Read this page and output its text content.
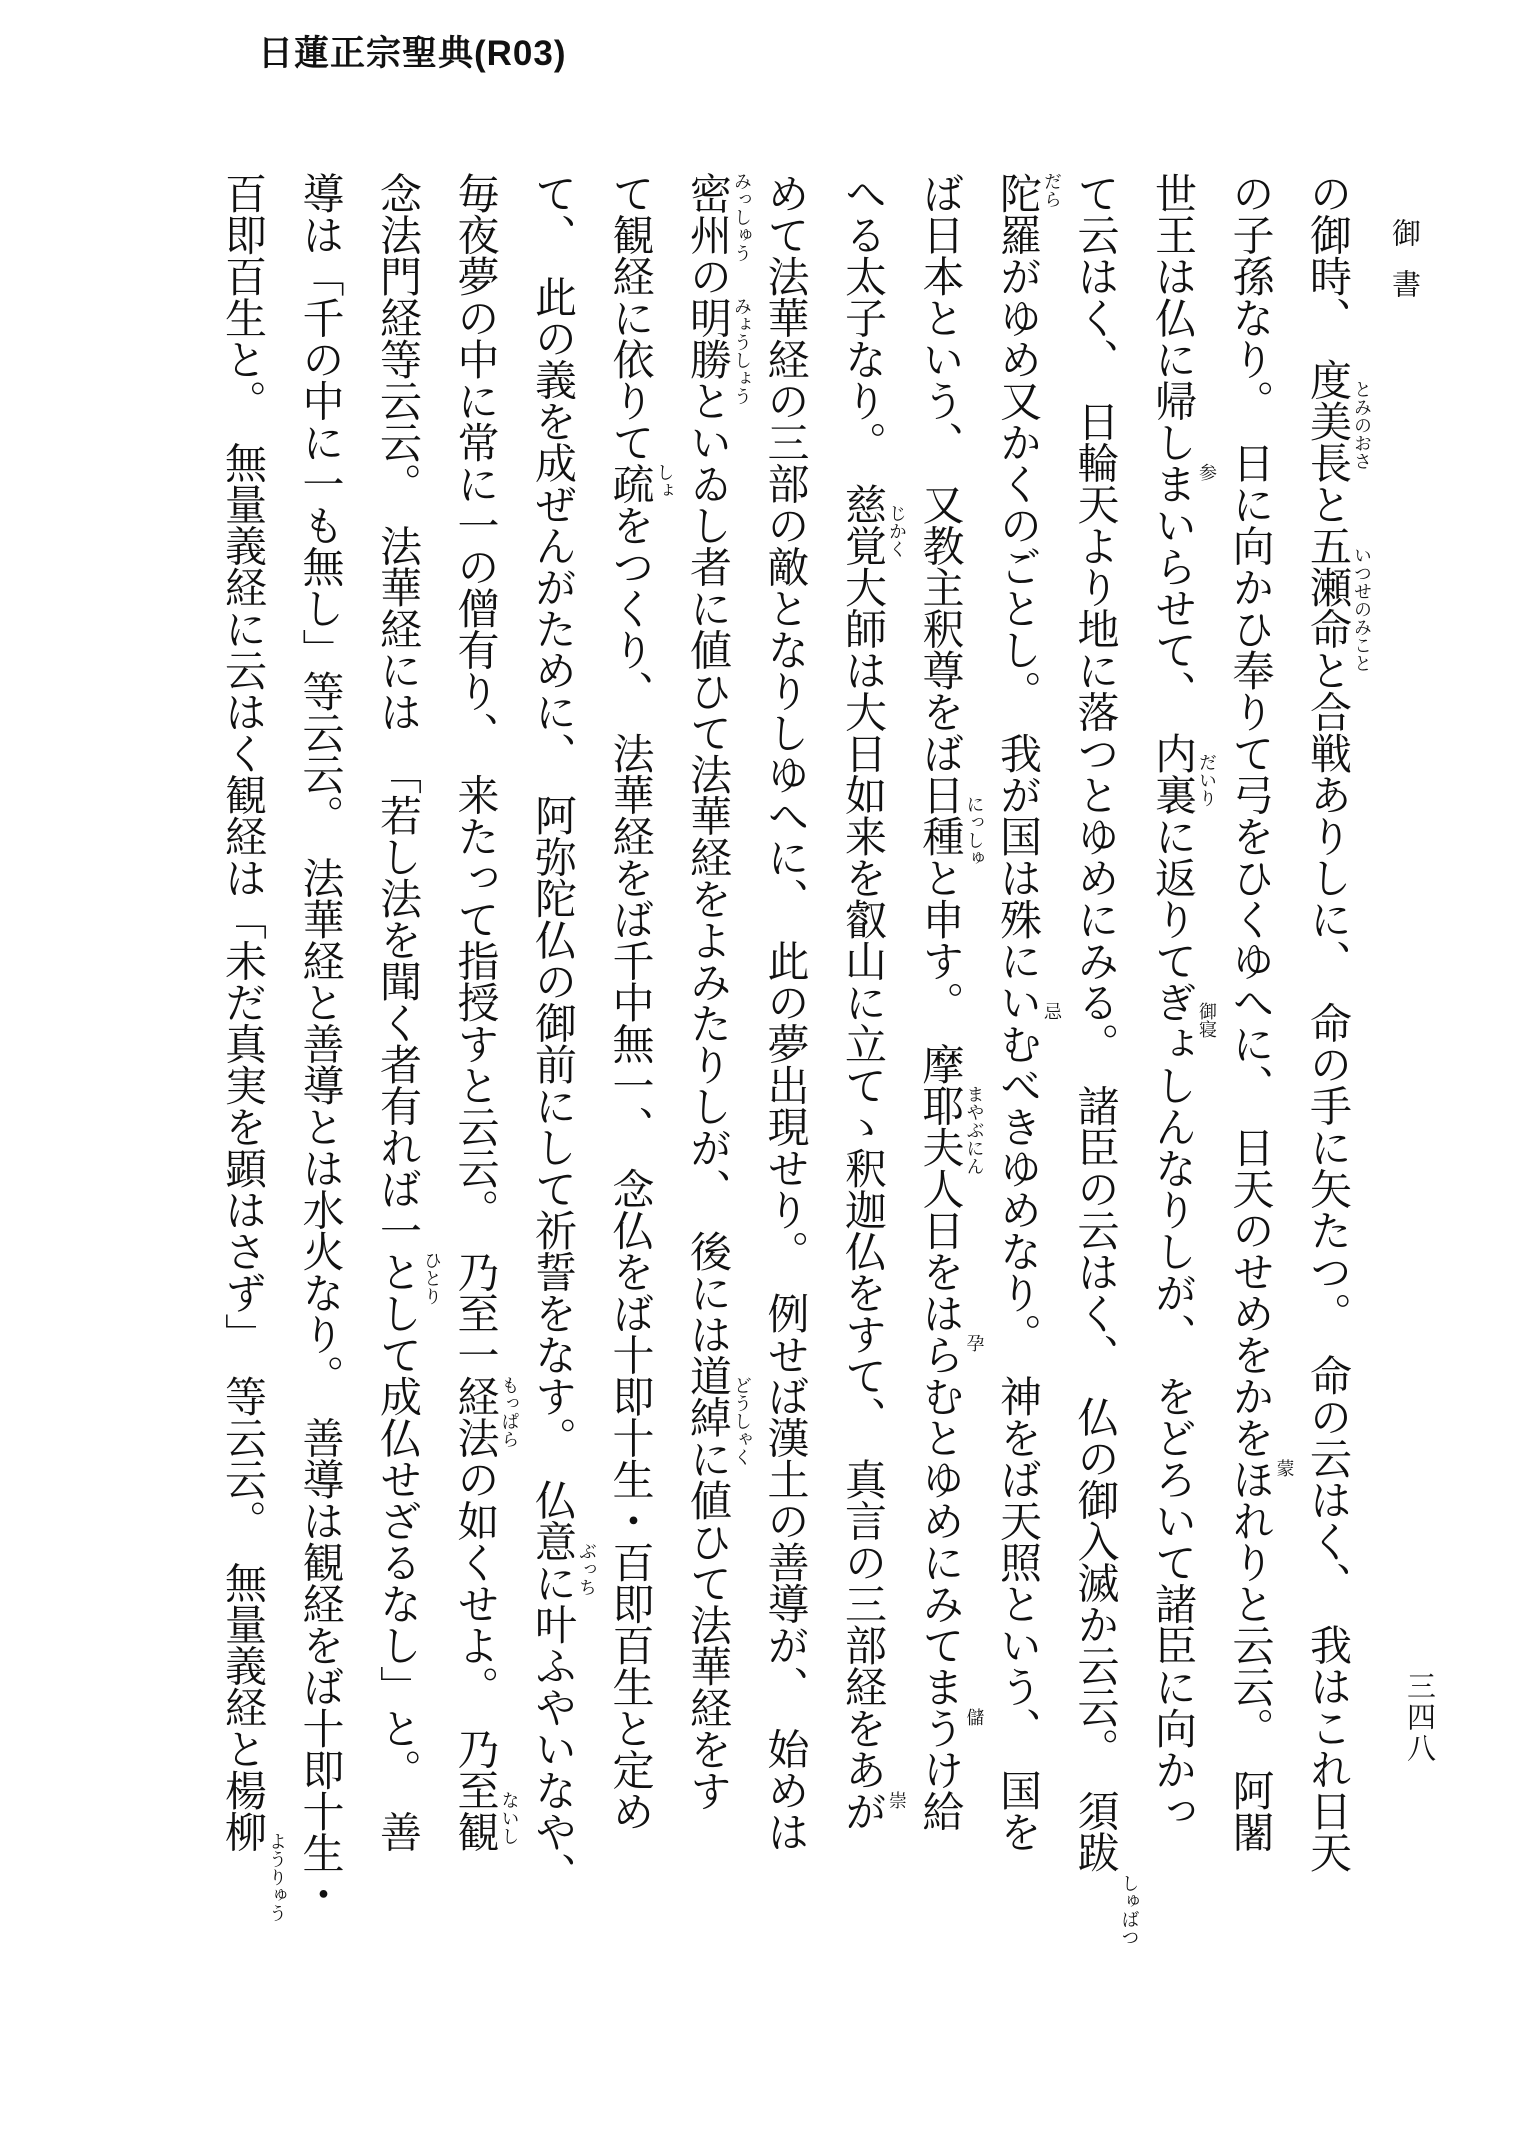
日蓮正宗聖典(R03)
御書
三四八
の御時、　度美長 とみのおさ
と五瀬命 いつせのみこと
と合戦ありしに、　命の手に矢たつ。　命の云はく、　我はこれ日天
の子孫なり。　日に向かひ奉りて弓をひくゆへに、　日天のせめをかをほれ 蒙
りと云云。　阿闍
世王は仏に帰しまい 参
らせて、　内裏 だいり
に返りてぎょしん 御寝
なりしが、　をどろいて諸臣に向かっ
て云はく、　日輪天より地に落つとゆめにみる。　諸臣の云はく、　仏の御入滅か云云。　須跋
しゅばつ
陀羅 だら
がゆめ又かくのごとし。　我が国は殊にいむ 忌
べきゆめなり。　神をば天照という、　国を
ば日本という、　又教主釈尊をば日種 にっしゅ
と申す。　摩耶夫人 まやぶにん
日をはらむ 孕
とゆめにみてまうけ 儲
給
へる太子なり。　慈覚 じかく
大師は大日如来を叡山に立てゝ釈迦仏をすて、　真言の三部経をあが 崇
めて法華経の三部の敵となりしゆへに、　此の夢出現せり。　例せば漢土の善導が、　始めは
密州 みっしゅう
の明勝 みょうしょう
といゐし者に値ひて法華経をよみたりしが、　後には道綽 どうしゃく
に値ひて法華経をす
て観経に依りて疏 しょ
をつくり、　法華経をば千中無一、　念仏をば十即十生・百即百生と定め
て、　此の義を成ぜんがために、　阿弥陀仏の御前にして祈誓をなす。　仏意
ぶっち
に叶ふやいなや、
毎夜夢の中に常に一の僧有り、　来たって指授すと云云。　乃至一
もっぱら
経法の如くせよ。　乃至
ないし
観
念法門経等云云。　法華経には　「若し法を聞く者有れば一
ひとり
として成仏せざるなし」と。　善
導は「千の中に一も無し」等云云。　法華経と善導とは水火なり。　善導は観経をば十即十生・
百即百生と。　無量義経に云はく観経は「未だ真実を顕はさず」　等云云。　無量義経と楊柳
ようりゅう
